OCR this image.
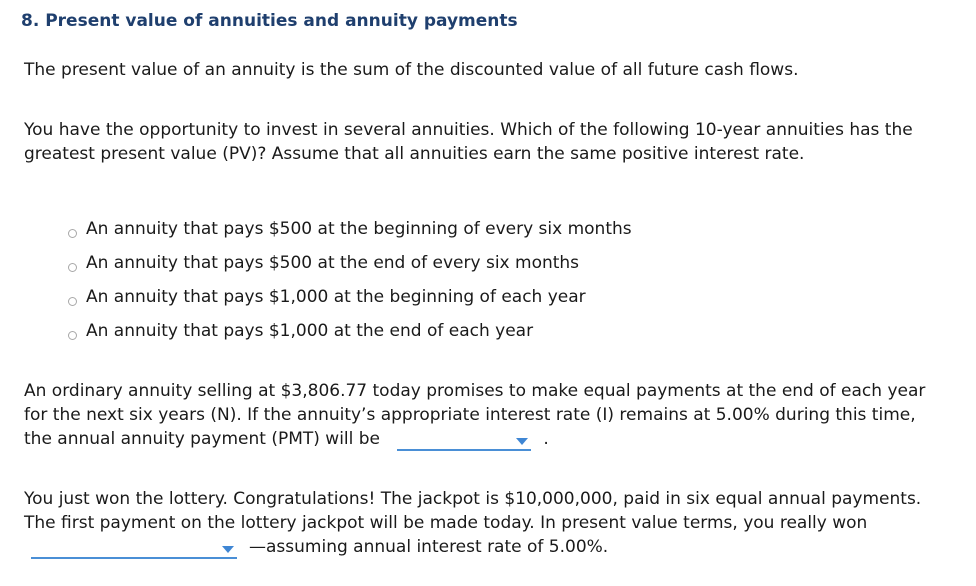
8. Present value of annuities and annuity payments
The present value of an annuity is the sum of the discounted value of all future cash flows.
You have the opportunity to invest in several annuities. Which of the following 10-year annuities has the greatest present value (PV)? Assume that all annuities earn the same positive interest rate.
An annuity that pays $500 at the beginning of every six months
An annuity that pays $500 at the end of every six months
An annuity that pays $1,000 at the beginning of each year
An annuity that pays $1,000 at the end of each year
An ordinary annuity selling at $3,806.77 today promises to make equal payments at the end of each year for the next six years (N). If the annuity’s appropriate interest rate (I) remains at 5.00% during this time, the annual annuity payment (PMT) will be	.
You just won the lottery. Congratulations! The jackpot is $10,000,000, paid in six equal annual payments. The first payment on the lottery jackpot will be made today. In present value terms, you really won
—assuming annual interest rate of 5.00%.
